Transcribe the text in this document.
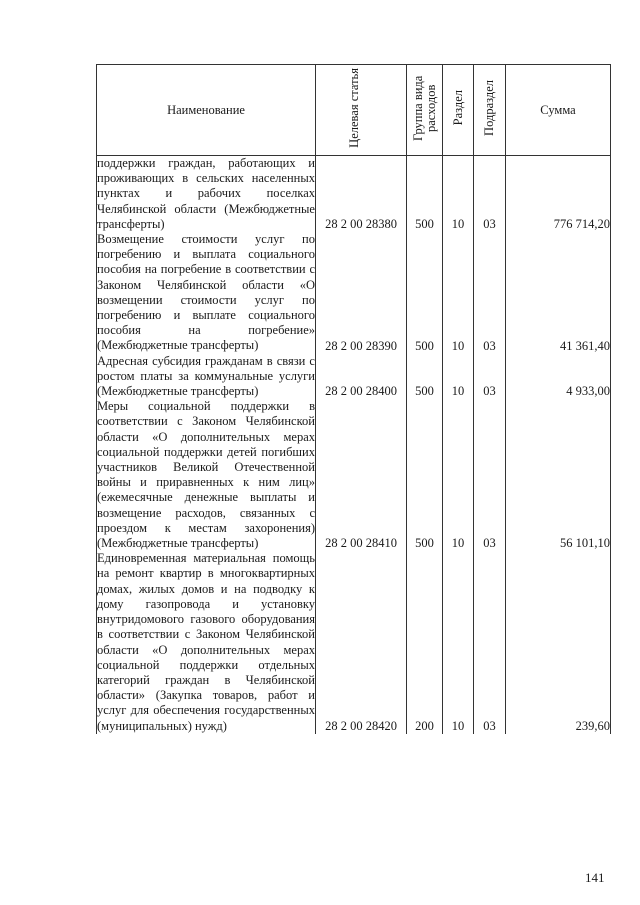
Наименование	Целевая статья	Группа вида расходов	Раздел	Подраздел	Сумма
поддержки граждан, работающих и проживающих в сельских населенных пунктах и рабочих поселках Челябинской области (Межбюджетные трансферты)	28 2 00 28380	500	10	03	776 714,20
Возмещение стоимости услуг по погребению и выплата социального пособия на погребение в соответствии с Законом Челябинской области «О возмещении стоимости услуг по погребению и выплате социального пособия на погребение» (Межбюджетные трансферты)	28 2 00 28390	500	10	03	41 361,40
Адресная субсидия гражданам в связи с ростом платы за коммунальные услуги (Межбюджетные трансферты)	28 2 00 28400	500	10	03	4 933,00
Меры социальной поддержки в соответствии с Законом Челябинской области «О дополнительных мерах социальной поддержки детей погибших участников Великой Отечественной войны и приравненных к ним лиц» (ежемесячные денежные выплаты и возмещение расходов, связанных с проездом к местам захоронения) (Межбюджетные трансферты)	28 2 00 28410	500	10	03	56 101,10
Единовременная материальная помощь на ремонт квартир в многоквартирных домах, жилых домов и на подводку к дому газопровода и установку внутридомового газового оборудования в соответствии с Законом Челябинской области «О дополнительных мерах социальной поддержки отдельных категорий граждан в Челябинской области» (Закупка товаров, работ и услуг для обеспечения государственных (муниципальных) нужд)	28 2 00 28420	200	10	03	239,60
141
